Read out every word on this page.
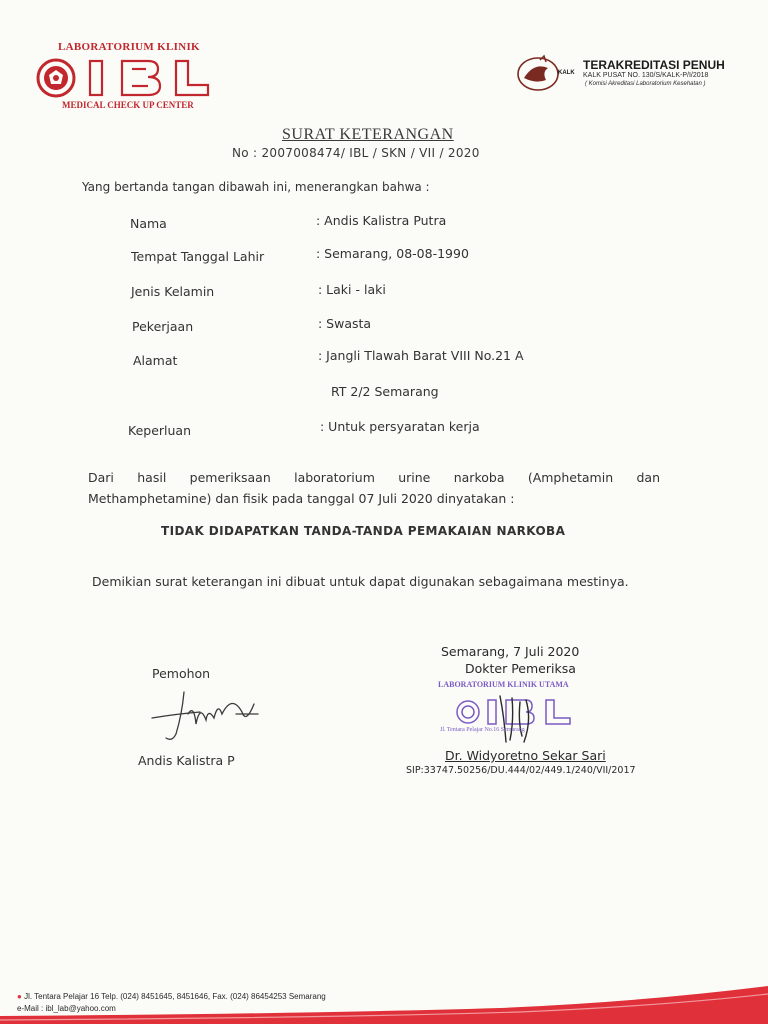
LABORATORIUM KLINIK
MEDICAL CHECK UP CENTER
KALK
TERAKREDITASI PENUH
KALK PUSAT NO. 130/S/KALK-P/I/2018
( Komisi Akreditasi Laboratorium Kesehatan )
SURAT KETERANGAN
No : 2007008474/ IBL / SKN / VII / 2020
Yang bertanda tangan dibawah ini, menerangkan bahwa :
Nama	: Andis Kalistra Putra
Tempat Tanggal Lahir	: Semarang, 08-08-1990
Jenis Kelamin	: Laki - laki
Pekerjaan	: Swasta
Alamat	: Jangli Tlawah Barat VIII No.21 A
RT 2/2 Semarang
Keperluan	: Untuk persyaratan kerja
Dari hasil pemeriksaan laboratorium urine narkoba (Amphetamin dan
Methamphetamine) dan fisik pada tanggal 07 Juli 2020 dinyatakan :
TIDAK DIDAPATKAN TANDA-TANDA PEMAKAIAN NARKOBA
Demikian surat keterangan ini dibuat untuk dapat digunakan sebagaimana mestinya.
Semarang, 7 Juli 2020
Dokter Pemeriksa
Pemohon
LABORATORIUM KLINIK UTAMA
Jl. Tentara Pelajar No.16 Semarang
Andis Kalistra P	Dr. Widyoretno Sekar Sari
SIP:33747.50256/DU.444/02/449.1/240/VII/2017
● Jl. Tentara Pelajar 16 Telp. (024) 8451645, 8451646, Fax. (024) 86454253 Semarang
e-Mail : ibl_lab@yahoo.com
